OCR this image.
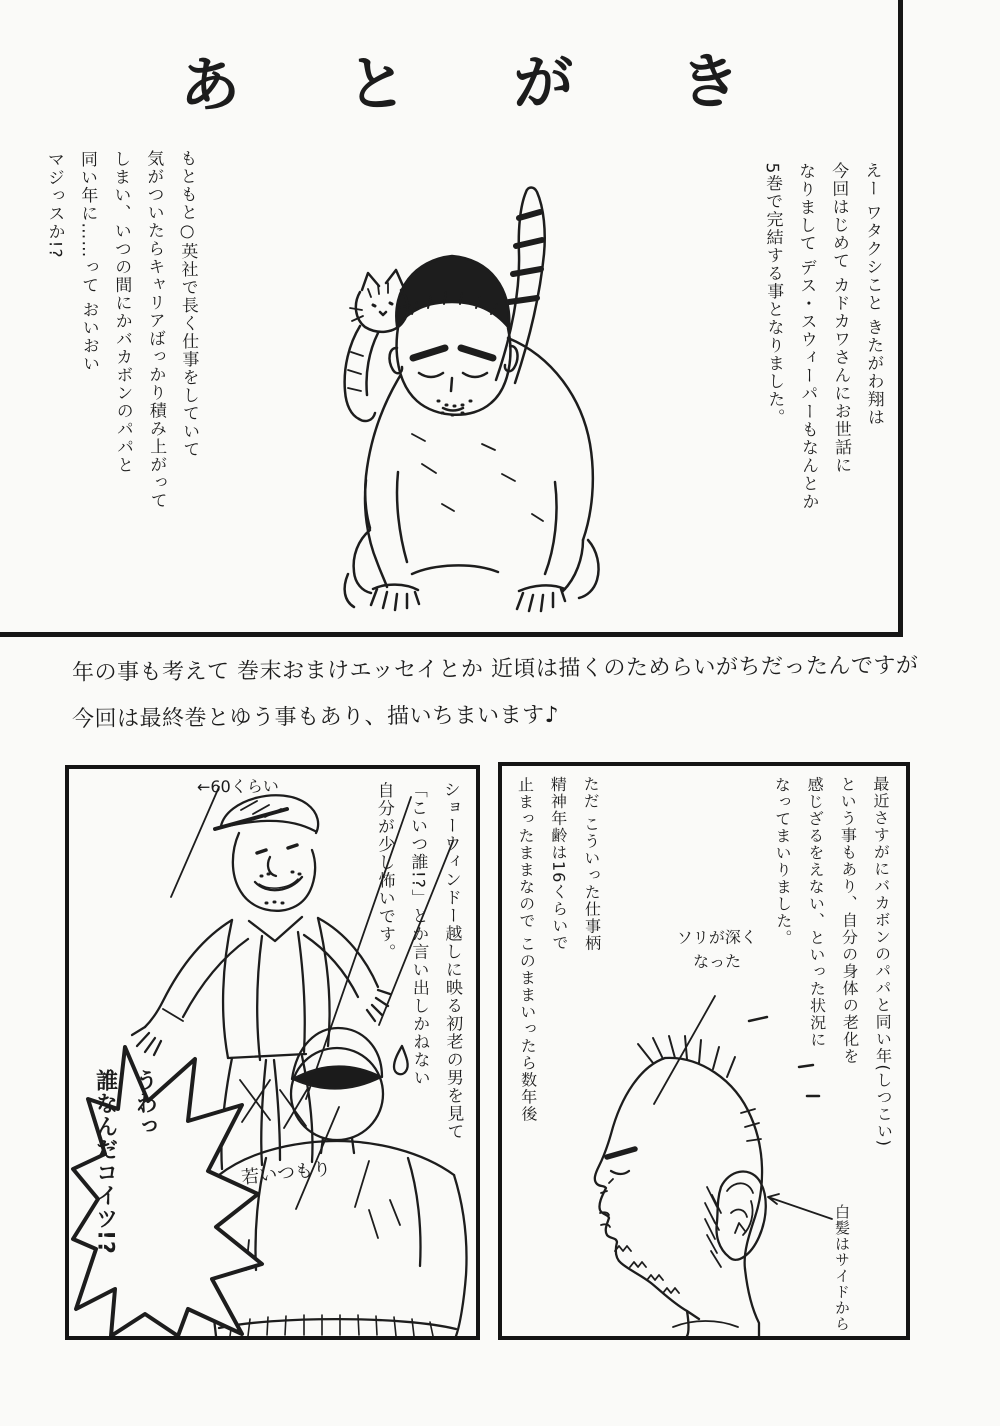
あ と が き
えー ワタクシこと きたがわ翔は
今回はじめて カドカワさんにお世話に
なりまして デス・スウィーパーもなんとか
5巻で完結する事となりました。
もともと○英社で長く仕事をしていて
気がついたらキャリアばっかり積み上がって
しまい、いつの間にかバカボンのパパと
同い年に……って おいおい
マジっスか!?
年の事も考えて 巻末おまけエッセイとか 近頃は描くのためらいがちだったんですが
今回は最終巻とゆう事もあり、描いちまいます♪
←60くらい	ショーウィンドー越しに映る初老の男を見て
「こいつ誰!?」とか言い出しかねない
自分が少し怖いです。
若いつもり
うわっ
誰なんだコイツ!?
最近さすがにバカボンのパパと同い年(しつこい)
という事もあり、自分の身体の老化を
感じざるをえない、といった状況に
なってまいりました。
ただ こういった仕事柄
精神年齢は16くらいで
止まったままなので このままいったら数年後	ソリが深く
なった
白髪はサイドから
